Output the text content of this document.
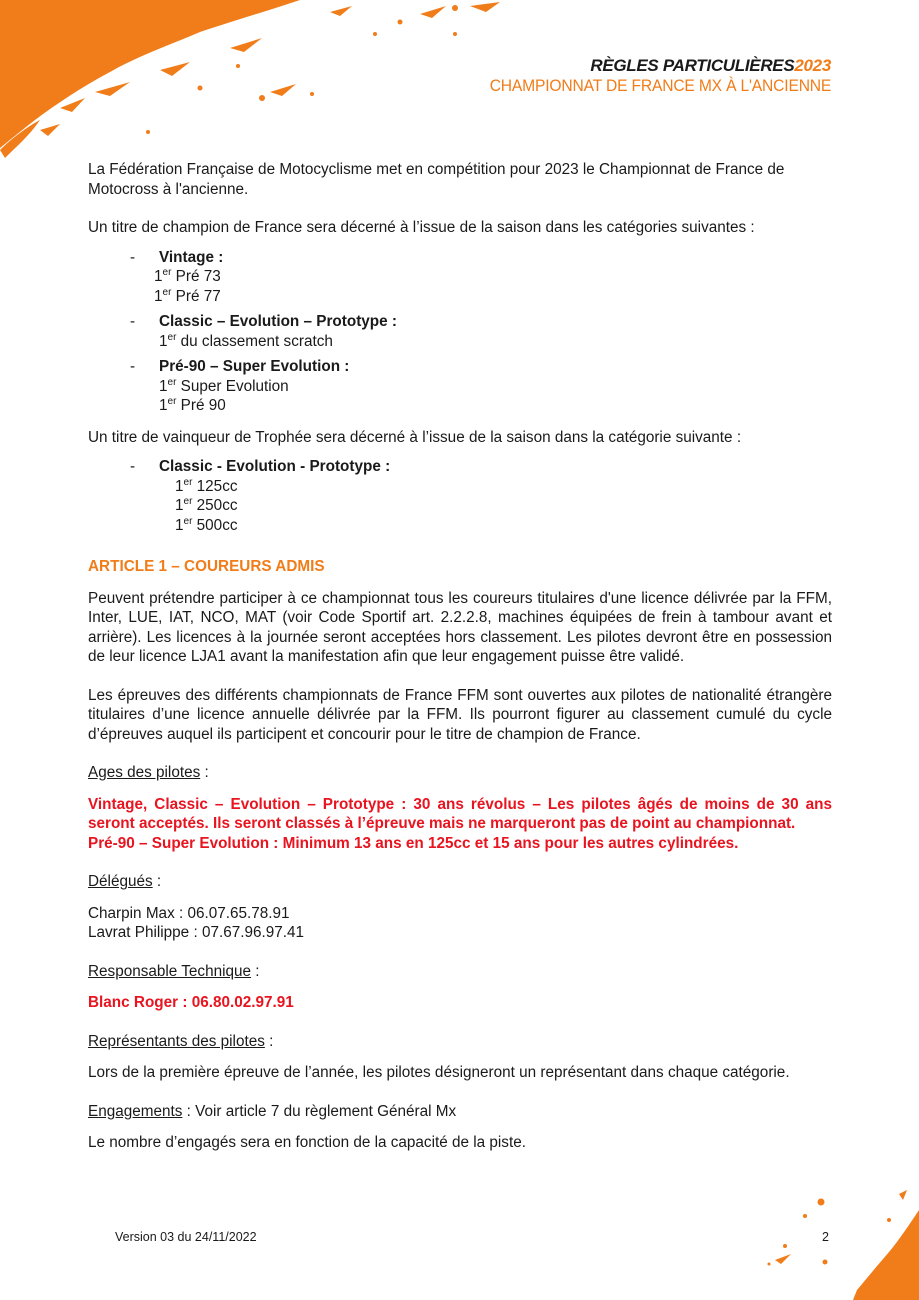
RÈGLES PARTICULIÈRES2023
CHAMPIONNAT DE FRANCE MX À L'ANCIENNE

La Fédération Française de Motocyclisme met en compétition pour 2023 le Championnat de France de Motocross à l'ancienne.

Un titre de champion de France sera décerné à l’issue de la saison dans les catégories suivantes :

- Vintage :
1er Pré 73
1er Pré 77
- Classic – Evolution – Prototype :
1er du classement scratch
- Pré-90 – Super Evolution :
1er Super Evolution
1er Pré 90

Un titre de vainqueur de Trophée sera décerné à l’issue de la saison dans la catégorie suivante :

- Classic - Evolution - Prototype :
1er 125cc
1er 250cc
1er 500cc

ARTICLE 1 – COUREURS ADMIS

Peuvent prétendre participer à ce championnat tous les coureurs titulaires d'une licence délivrée par la FFM, Inter, LUE, IAT, NCO, MAT (voir Code Sportif art. 2.2.2.8, machines équipées de frein à tambour avant et arrière). Les licences à la journée seront acceptées hors classement. Les pilotes devront être en possession de leur licence LJA1 avant la manifestation afin que leur engagement puisse être validé.

Les épreuves des différents championnats de France FFM sont ouvertes aux pilotes de nationalité étrangère titulaires d’une licence annuelle délivrée par la FFM. Ils pourront figurer au classement cumulé du cycle d’épreuves auquel ils participent et concourir pour le titre de champion de France.

Ages des pilotes :

Vintage, Classic – Evolution – Prototype : 30 ans révolus – Les pilotes âgés de moins de 30 ans seront acceptés. Ils seront classés à l’épreuve mais ne marqueront pas de point au championnat.

Pré-90 – Super Evolution : Minimum 13 ans en 125cc et 15 ans pour les autres cylindrées.

Délégués :

Charpin Max : 06.07.65.78.91

Lavrat Philippe : 07.67.96.97.41

Responsable Technique :

Blanc Roger : 06.80.02.97.91

Représentants des pilotes :

Lors de la première épreuve de l’année, les pilotes désigneront un représentant dans chaque catégorie.

Engagements : Voir article 7 du règlement Général Mx

Le nombre d’engagés sera en fonction de la capacité de la piste.

Version 03 du 24/11/2022	2
